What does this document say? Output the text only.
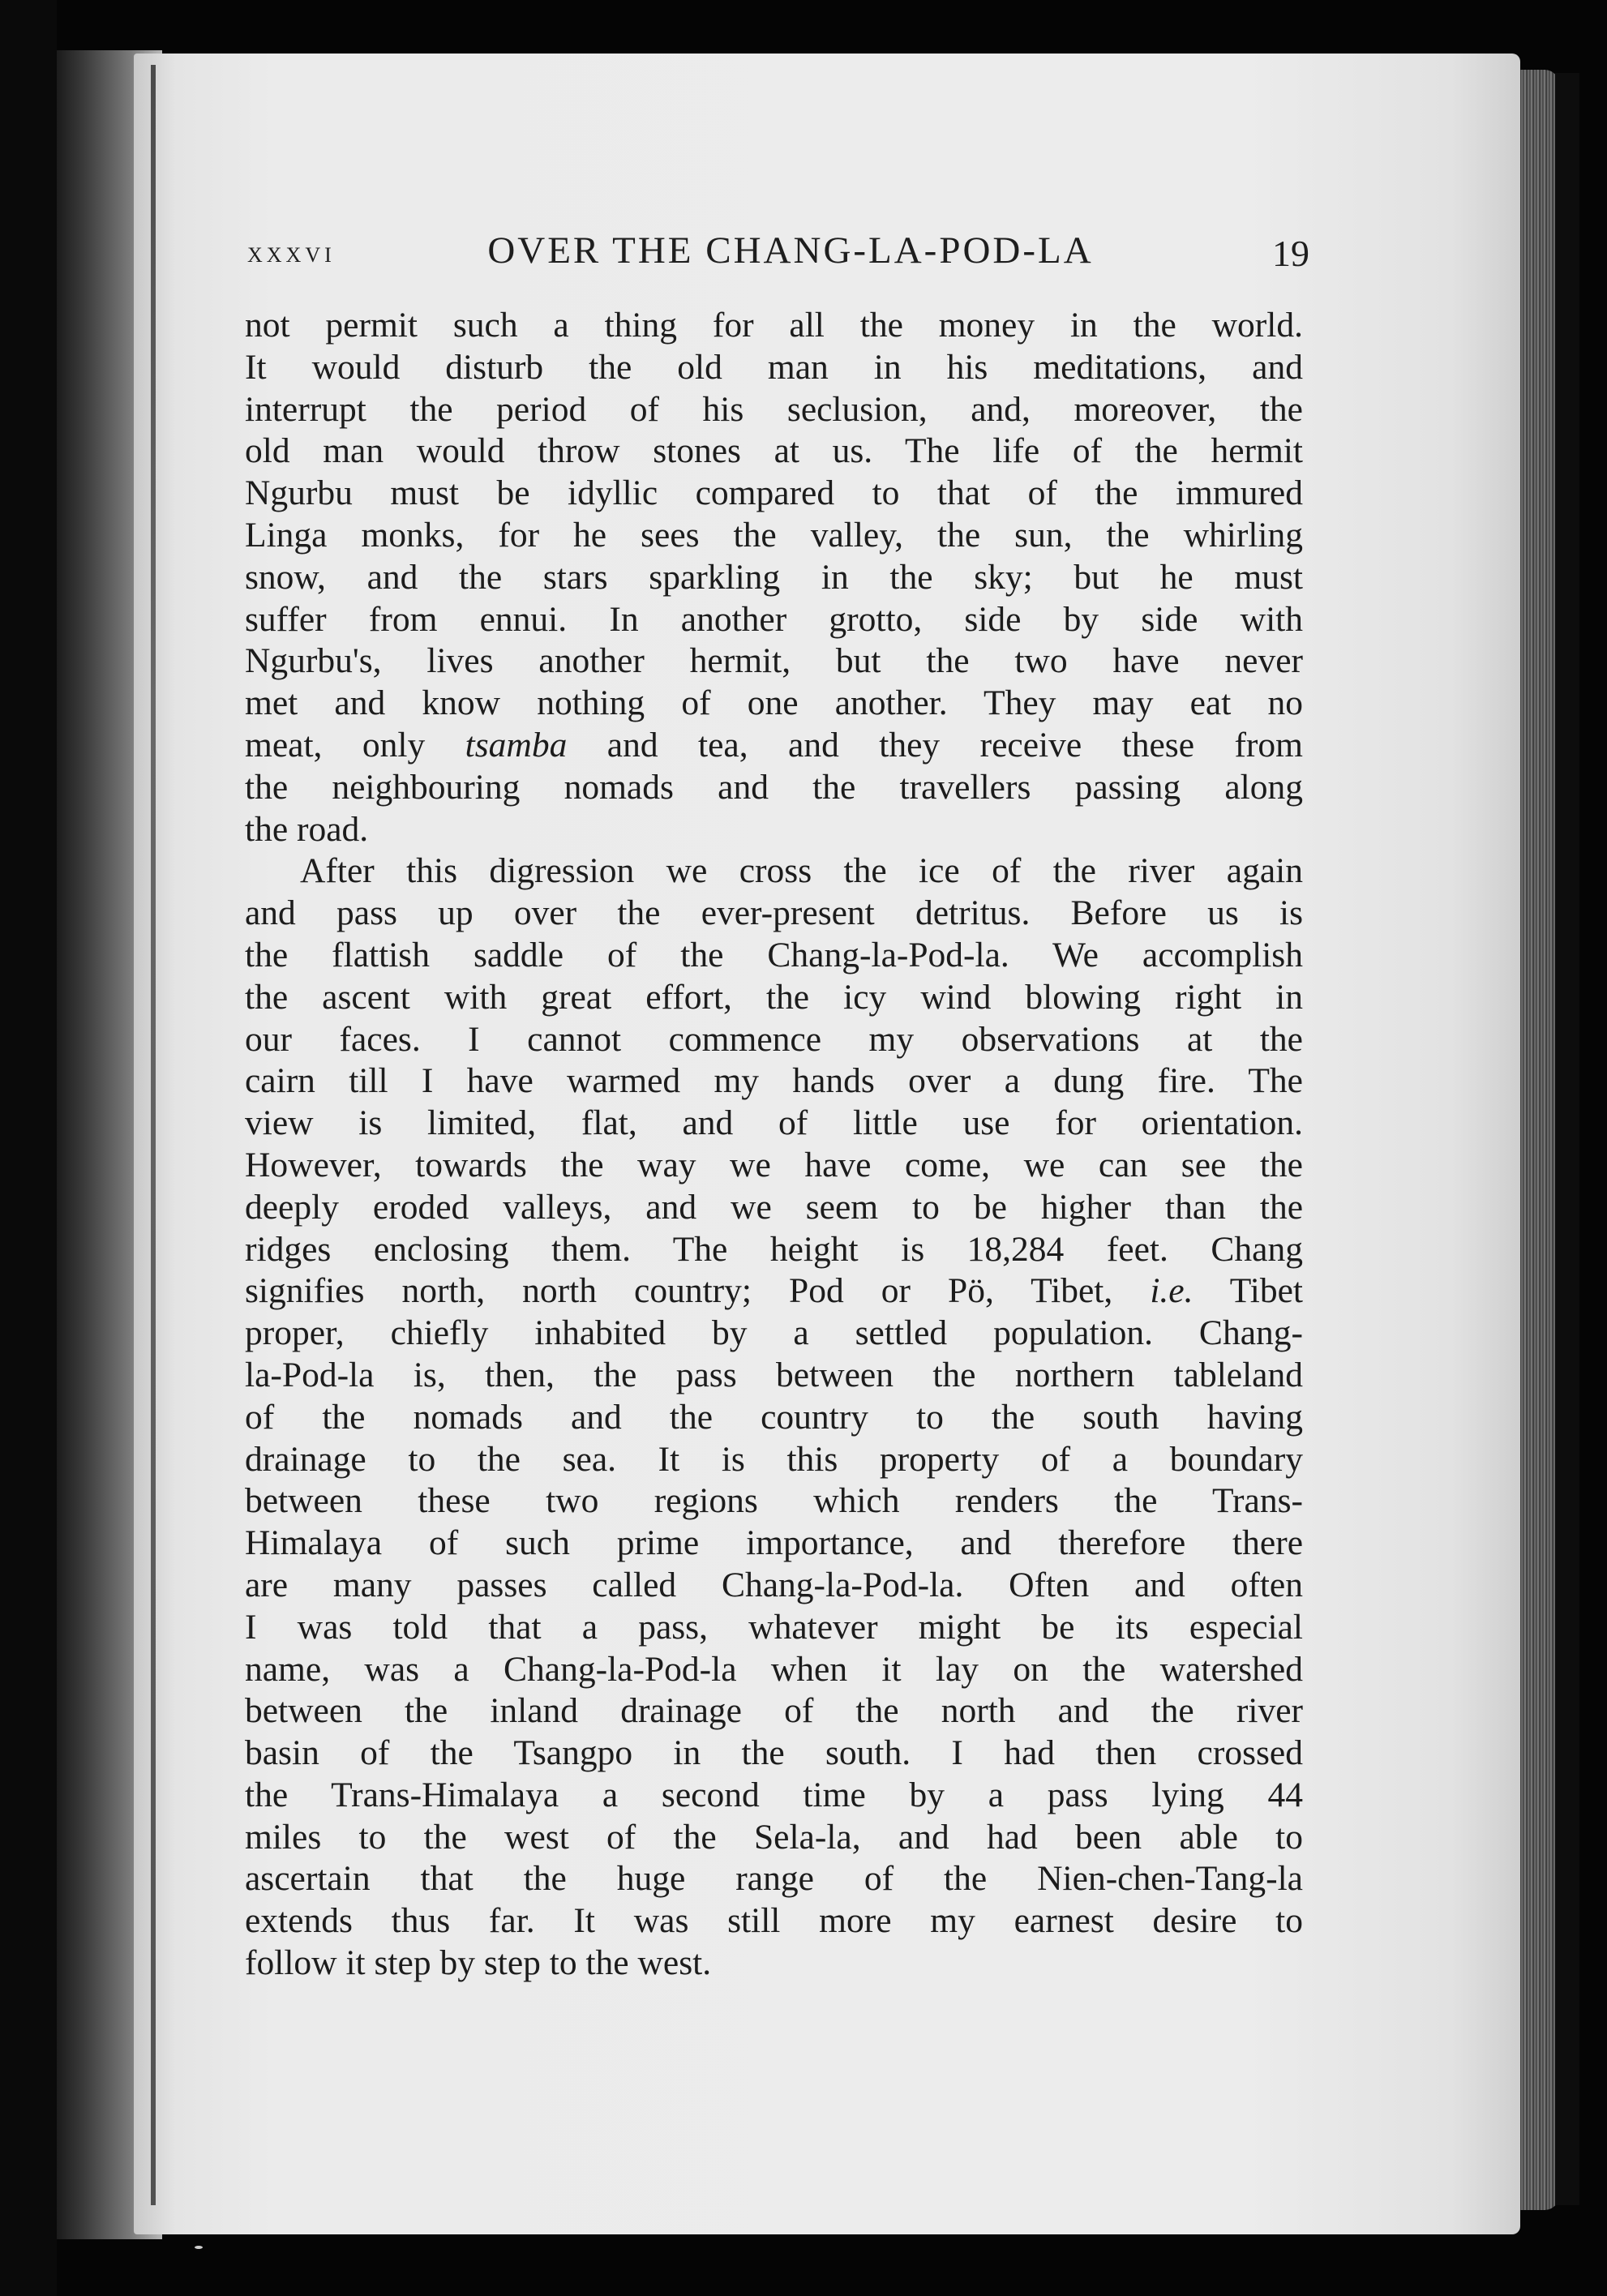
XXXVI	OVER THE CHANG-LA-POD-LA	19
not permit such a thing for all the money in the world.
It would disturb the old man in his meditations, and
interrupt the period of his seclusion, and, moreover, the
old man would throw stones at us. The life of the hermit
Ngurbu must be idyllic compared to that of the immured
Linga monks, for he sees the valley, the sun, the whirling
snow, and the stars sparkling in the sky; but he must
suffer from ennui. In another grotto, side by side with
Ngurbu's, lives another hermit, but the two have never
met and know nothing of one another. They may eat no
meat, only tsamba and tea, and they receive these from
the neighbouring nomads and the travellers passing along
the road.
After this digression we cross the ice of the river again
and pass up over the ever-present detritus. Before us is
the flattish saddle of the Chang-la-Pod-la. We accomplish
the ascent with great effort, the icy wind blowing right in
our faces. I cannot commence my observations at the
cairn till I have warmed my hands over a dung fire. The
view is limited, flat, and of little use for orientation.
However, towards the way we have come, we can see the
deeply eroded valleys, and we seem to be higher than the
ridges enclosing them. The height is 18,284 feet. Chang
signifies north, north country; Pod or Pö, Tibet, i.e. Tibet
proper, chiefly inhabited by a settled population. Chang-
la-Pod-la is, then, the pass between the northern tableland
of the nomads and the country to the south having
drainage to the sea. It is this property of a boundary
between these two regions which renders the Trans-
Himalaya of such prime importance, and therefore there
are many passes called Chang-la-Pod-la. Often and often
I was told that a pass, whatever might be its especial
name, was a Chang-la-Pod-la when it lay on the watershed
between the inland drainage of the north and the river
basin of the Tsangpo in the south. I had then crossed
the Trans-Himalaya a second time by a pass lying 44
miles to the west of the Sela-la, and had been able to
ascertain that the huge range of the Nien-chen-Tang-la
extends thus far. It was still more my earnest desire to
follow it step by step to the west.
